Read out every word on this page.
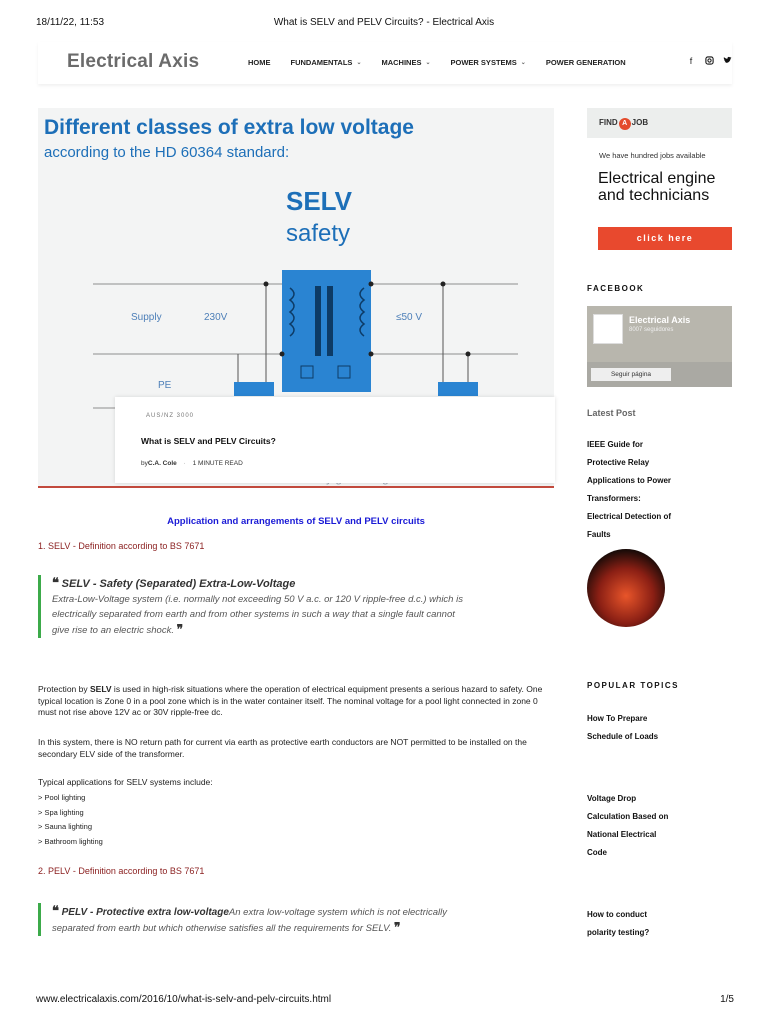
18/11/22, 11:53	What is SELV and PELV Circuits? - Electrical Axis
Electrical Axis	HOME	FUNDAMENTALS ⌄	MACHINES ⌄	POWER SYSTEMS ⌄	POWER GENERATION	f
Different classes of extra low voltage
according to the HD 60364 standard:
SELV
safety
Supply	230V	≤50 V
PE
AUS/NZ 3000
What is SELV and PELV Circuits?
byC.A. Cole · 1 MINUTE READ
Application and arrangements of SELV and PELV circuits
1. SELV - Definition according to BS 7671
❝ SELV - Safety (Separated) Extra-Low-Voltage
Extra-Low-Voltage system (i.e. normally not exceeding 50 V a.c. or 120 V ripple-free d.c.) which is
electrically separated from earth and from other systems in such a way that a single fault cannot
give rise to an electric shock. ❞
Protection by SELV is used in high-risk situations where the operation of electrical equipment presents a serious hazard to safety. One typical location is Zone 0 in a pool zone which is in the water container itself. The nominal voltage for a pool light connected in zone 0 must not rise above 12V ac or 30V ripple-free dc.
In this system, there is NO return path for current via earth as protective earth conductors are NOT permitted to be installed on the secondary ELV side of the transformer.
Typical applications for SELV systems include:
> Pool lighting
> Spa lighting
> Sauna lighting
> Bathroom lighting
2. PELV - Definition according to BS 7671
❝ PELV - Protective extra low-voltageAn extra low-voltage system which is not electrically
separated from earth but which otherwise satisfies all the requirements for SELV. ❞
FIND A JOB
We have hundred jobs available
Electrical engine
and technicians
click here
FACEBOOK
Electrical Axis
8007 seguidores
Seguir página
Latest Post
IEEE Guide for
Protective Relay
Applications to Power
Transformers:
Electrical Detection of
Faults
POPULAR TOPICS
How To Prepare
Schedule of Loads
Voltage Drop
Calculation Based on
National Electrical
Code
How to conduct
polarity testing?
www.electricalaxis.com/2016/10/what-is-selv-and-pelv-circuits.html	1/5
